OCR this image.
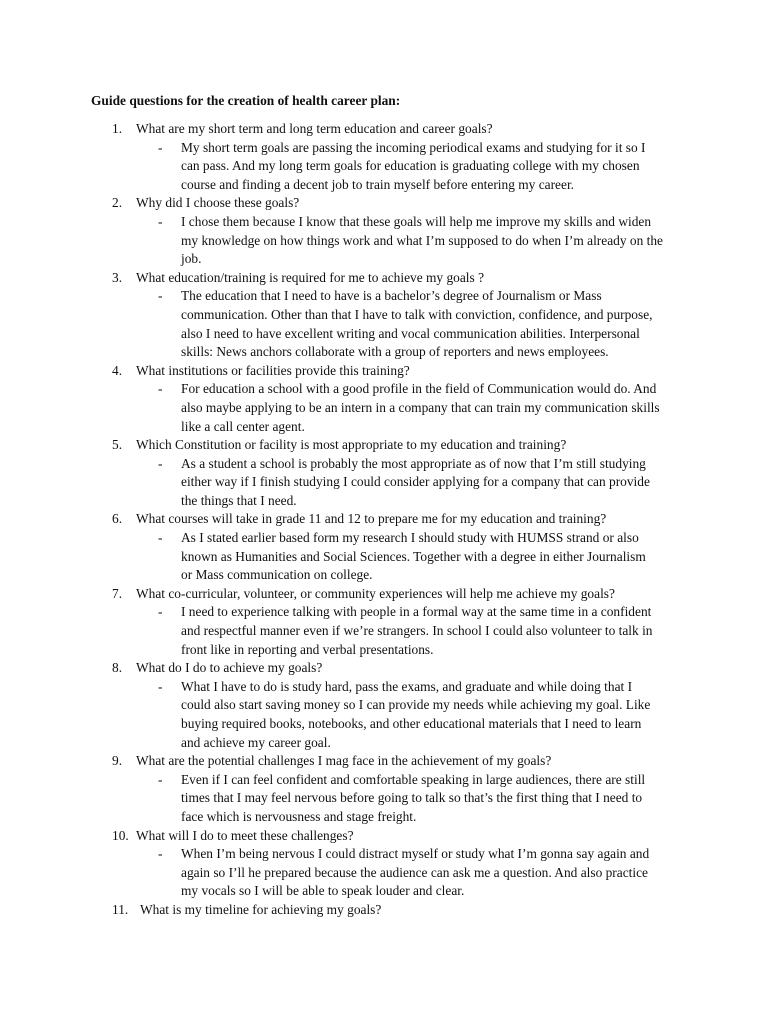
Guide questions for the creation of health career plan:
1. What are my short term and long term education and career goals?
- My short term goals are passing the incoming periodical exams and studying for it so I
can pass. And my long term goals for education is graduating college with my chosen
course and finding a decent job to train myself before entering my career.
2. Why did I choose these goals?
- I chose them because I know that these goals will help me improve my skills and widen
my knowledge on how things work and what I’m supposed to do when I’m already on the
job.
3. What education/training is required for me to achieve my goals ?
- The education that I need to have is a bachelor’s degree of Journalism or Mass
communication. Other than that I have to talk with conviction, confidence, and purpose,
also I need to have excellent writing and vocal communication abilities. Interpersonal
skills: News anchors collaborate with a group of reporters and news employees.
4. What institutions or facilities provide this training?
- For education a school with a good profile in the field of Communication would do. And
also maybe applying to be an intern in a company that can train my communication skills
like a call center agent.
5. Which Constitution or facility is most appropriate to my education and training?
- As a student a school is probably the most appropriate as of now that I’m still studying
either way if I finish studying I could consider applying for a company that can provide
the things that I need.
6. What courses will take in grade 11 and 12 to prepare me for my education and training?
- As I stated earlier based form my research I should study with HUMSS strand or also
known as Humanities and Social Sciences. Together with a degree in either Journalism
or Mass communication on college.
7. What co-curricular, volunteer, or community experiences will help me achieve my goals?
- I need to experience talking with people in a formal way at the same time in a confident
and respectful manner even if we’re strangers. In school I could also volunteer to talk in
front like in reporting and verbal presentations.
8. What do I do to achieve my goals?
- What I have to do is study hard, pass the exams, and graduate and while doing that I
could also start saving money so I can provide my needs while achieving my goal. Like
buying required books, notebooks, and other educational materials that I need to learn
and achieve my career goal.
9. What are the potential challenges I mag face in the achievement of my goals?
- Even if I can feel confident and comfortable speaking in large audiences, there are still
times that I may feel nervous before going to talk so that’s the first thing that I need to
face which is nervousness and stage freight.
10. What will I do to meet these challenges?
- When I’m being nervous I could distract myself or study what I’m gonna say again and
again so I’ll he prepared because the audience can ask me a question. And also practice
my vocals so I will be able to speak louder and clear.
11. What is my timeline for achieving my goals?
